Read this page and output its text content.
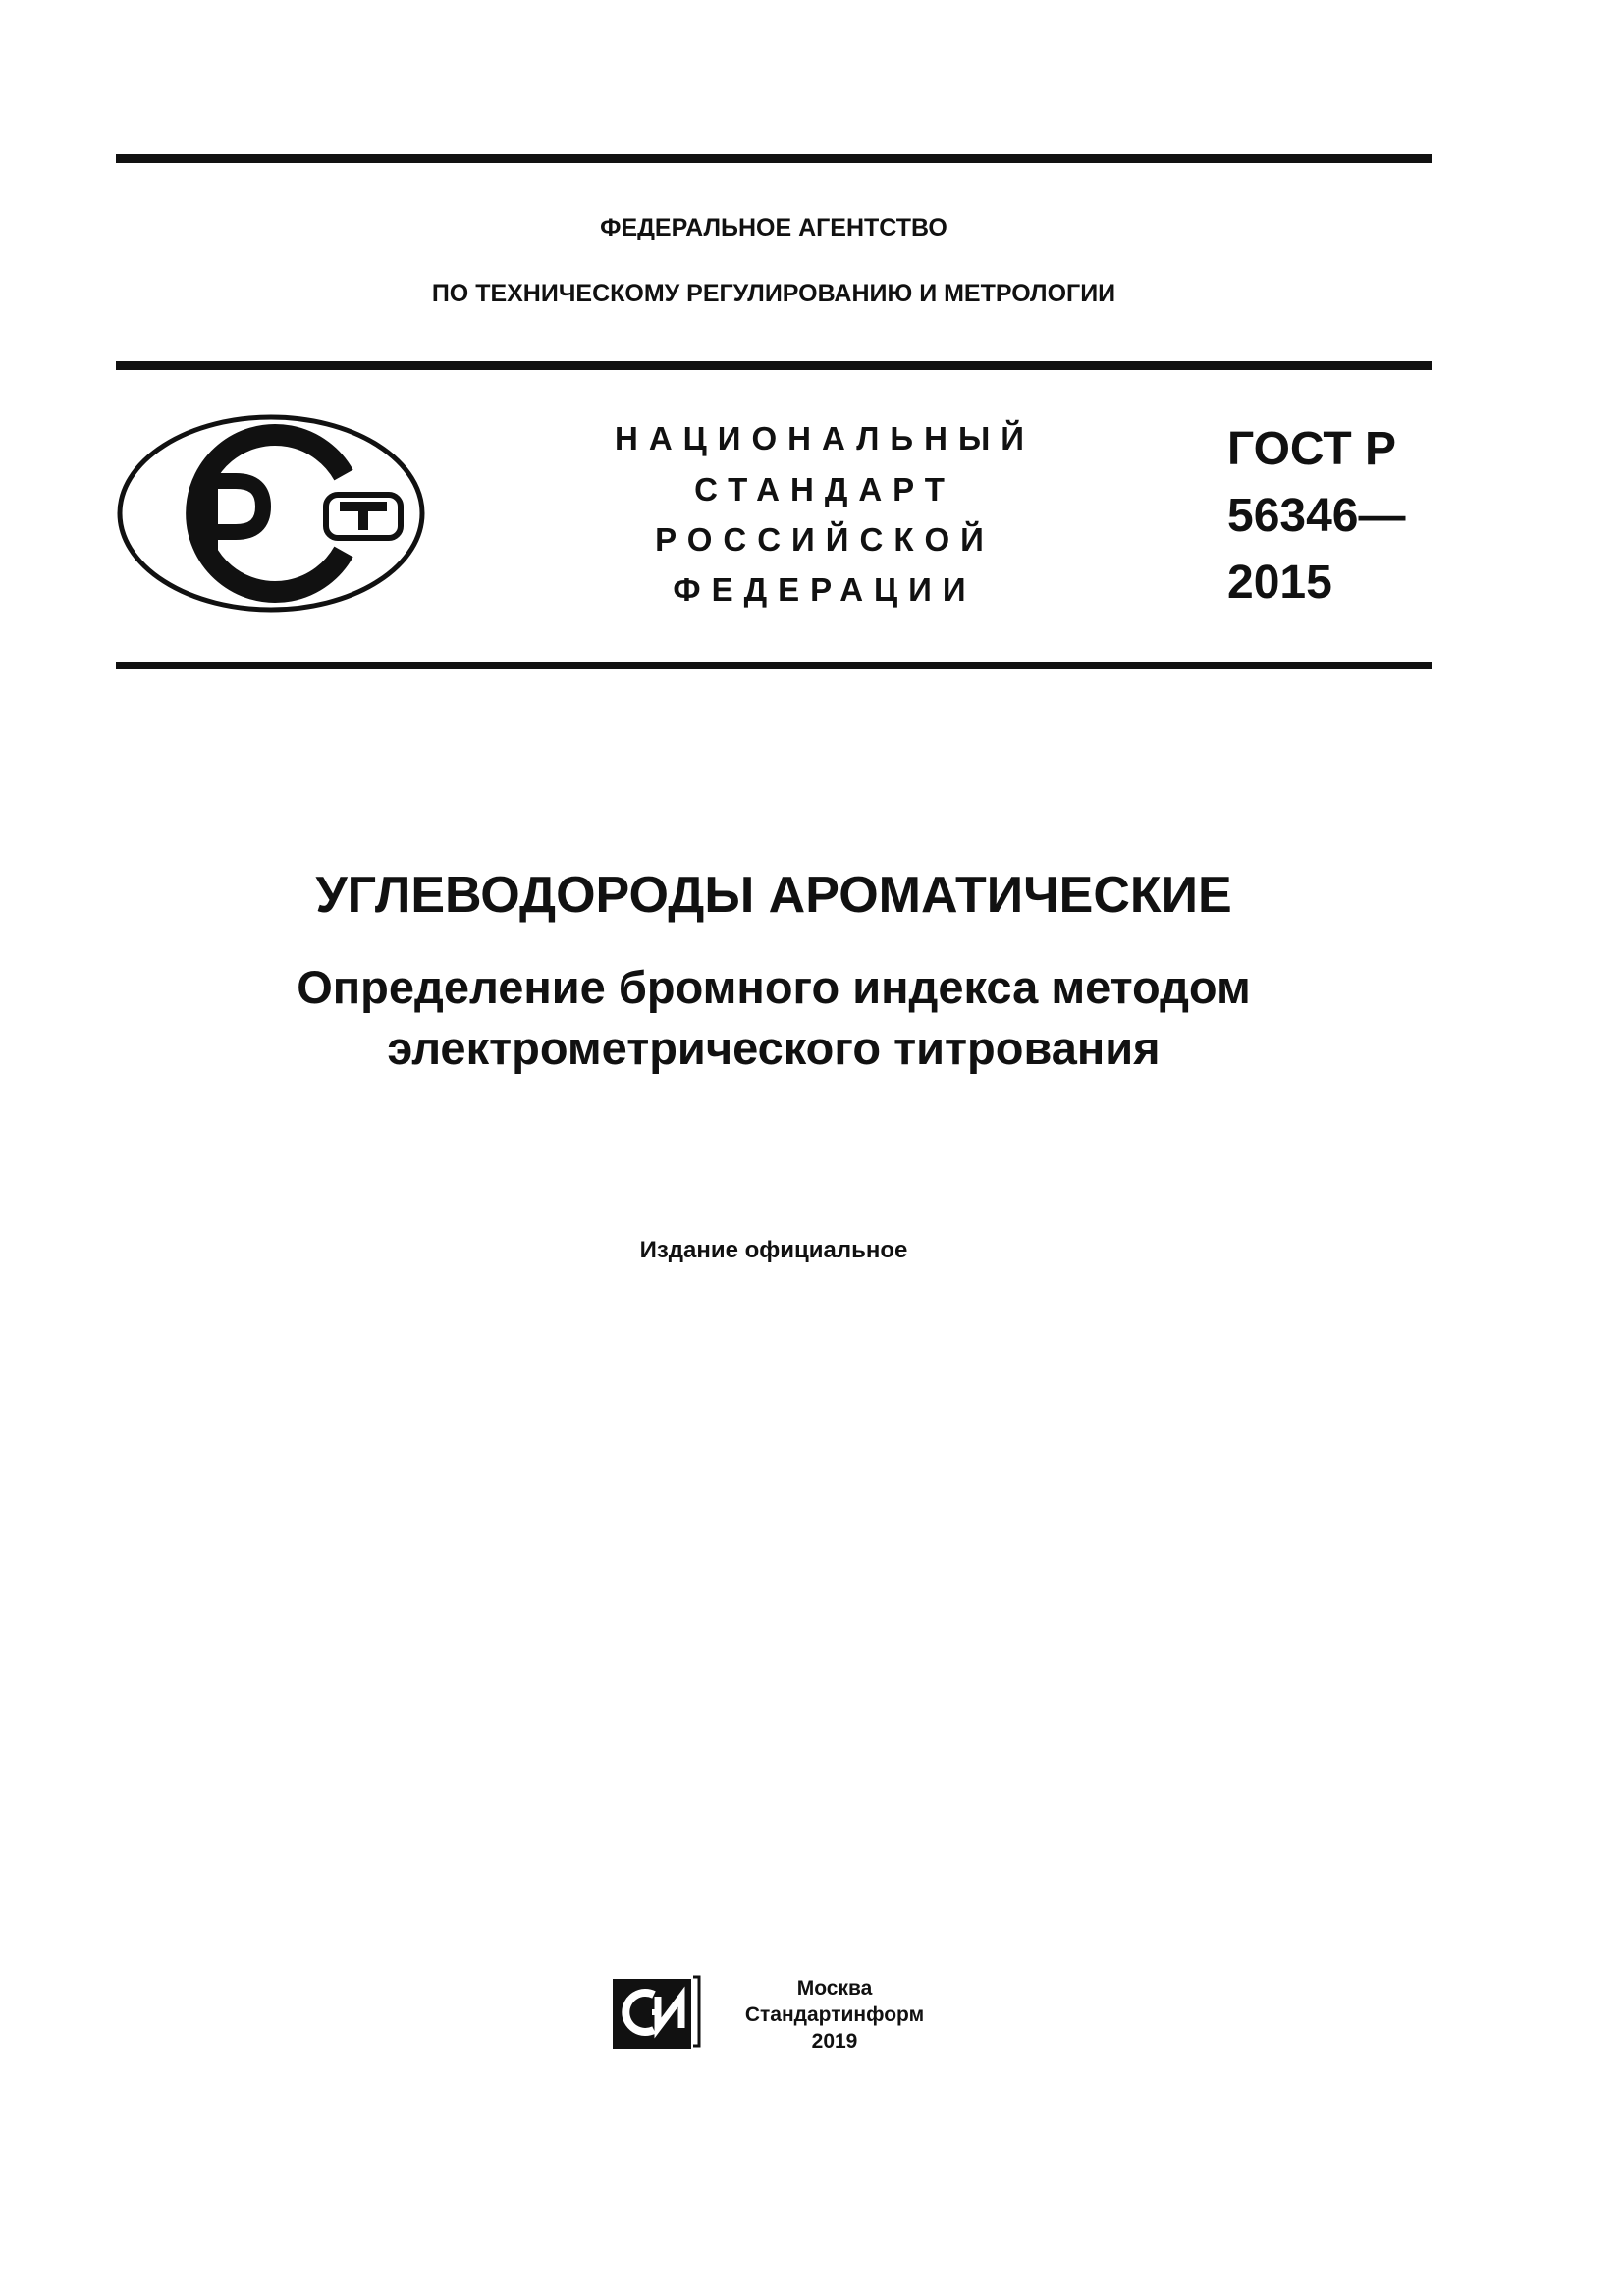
ФЕДЕРАЛЬНОЕ АГЕНТСТВО
ПО ТЕХНИЧЕСКОМУ РЕГУЛИРОВАНИЮ И МЕТРОЛОГИИ
НАЦИОНАЛЬНЫЙ
СТАНДАРТ
РОССИЙСКОЙ
ФЕДЕРАЦИИ
ГОСТ Р
56346—
2015
УГЛЕВОДОРОДЫ АРОМАТИЧЕСКИЕ
Определение бромного индекса методом
электрометрического титрования
Издание официальное
Москва
Стандартинформ
2019
